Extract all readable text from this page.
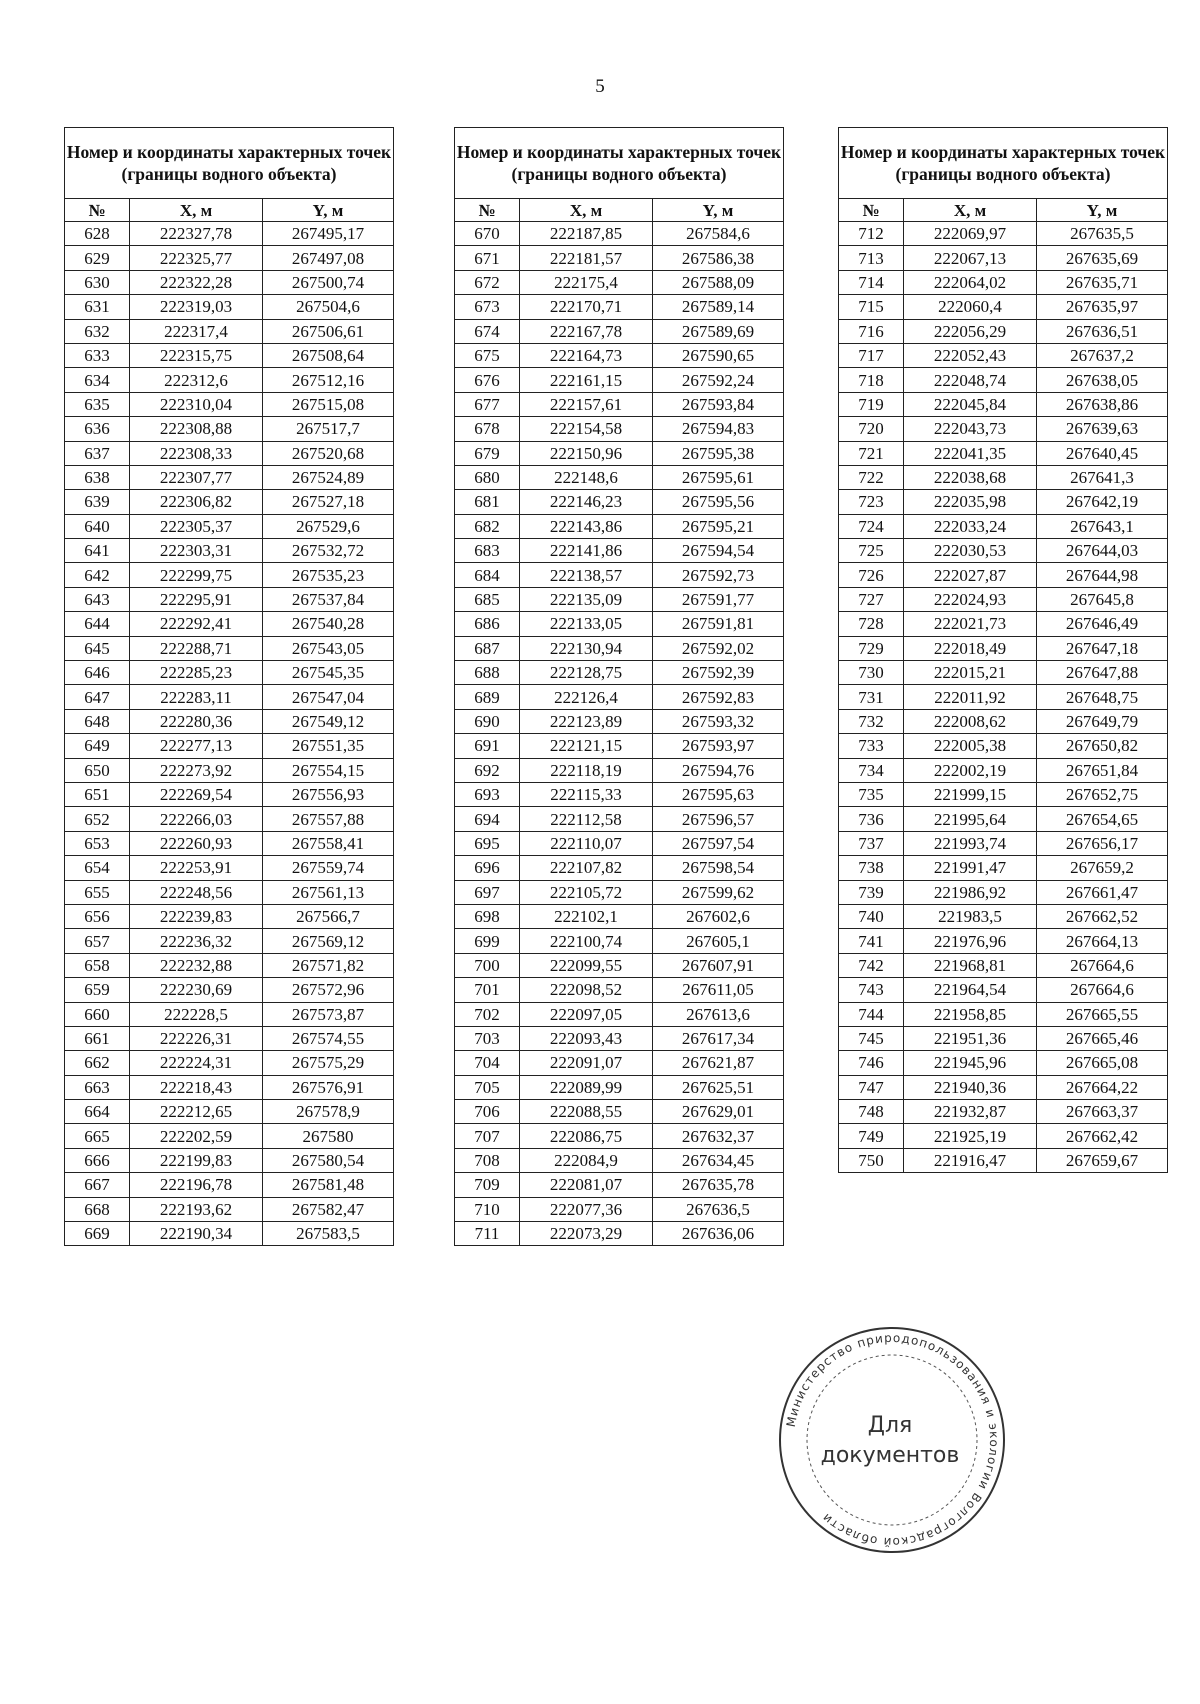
5
Номер и координаты характерных точек (границы водного объекта)		
№	X, м	Y, м
628	222327,78	267495,17
629	222325,77	267497,08
630	222322,28	267500,74
631	222319,03	267504,6
632	222317,4	267506,61
633	222315,75	267508,64
634	222312,6	267512,16
635	222310,04	267515,08
636	222308,88	267517,7
637	222308,33	267520,68
638	222307,77	267524,89
639	222306,82	267527,18
640	222305,37	267529,6
641	222303,31	267532,72
642	222299,75	267535,23
643	222295,91	267537,84
644	222292,41	267540,28
645	222288,71	267543,05
646	222285,23	267545,35
647	222283,11	267547,04
648	222280,36	267549,12
649	222277,13	267551,35
650	222273,92	267554,15
651	222269,54	267556,93
652	222266,03	267557,88
653	222260,93	267558,41
654	222253,91	267559,74
655	222248,56	267561,13
656	222239,83	267566,7
657	222236,32	267569,12
658	222232,88	267571,82
659	222230,69	267572,96
660	222228,5	267573,87
661	222226,31	267574,55
662	222224,31	267575,29
663	222218,43	267576,91
664	222212,65	267578,9
665	222202,59	267580
666	222199,83	267580,54
667	222196,78	267581,48
668	222193,62	267582,47
669	222190,34	267583,5
Номер и координаты характерных точек (границы водного объекта)		
№	X, м	Y, м
670	222187,85	267584,6
671	222181,57	267586,38
672	222175,4	267588,09
673	222170,71	267589,14
674	222167,78	267589,69
675	222164,73	267590,65
676	222161,15	267592,24
677	222157,61	267593,84
678	222154,58	267594,83
679	222150,96	267595,38
680	222148,6	267595,61
681	222146,23	267595,56
682	222143,86	267595,21
683	222141,86	267594,54
684	222138,57	267592,73
685	222135,09	267591,77
686	222133,05	267591,81
687	222130,94	267592,02
688	222128,75	267592,39
689	222126,4	267592,83
690	222123,89	267593,32
691	222121,15	267593,97
692	222118,19	267594,76
693	222115,33	267595,63
694	222112,58	267596,57
695	222110,07	267597,54
696	222107,82	267598,54
697	222105,72	267599,62
698	222102,1	267602,6
699	222100,74	267605,1
700	222099,55	267607,91
701	222098,52	267611,05
702	222097,05	267613,6
703	222093,43	267617,34
704	222091,07	267621,87
705	222089,99	267625,51
706	222088,55	267629,01
707	222086,75	267632,37
708	222084,9	267634,45
709	222081,07	267635,78
710	222077,36	267636,5
711	222073,29	267636,06
Номер и координаты характерных точек (границы водного объекта)		
№	X, м	Y, м
712	222069,97	267635,5
713	222067,13	267635,69
714	222064,02	267635,71
715	222060,4	267635,97
716	222056,29	267636,51
717	222052,43	267637,2
718	222048,74	267638,05
719	222045,84	267638,86
720	222043,73	267639,63
721	222041,35	267640,45
722	222038,68	267641,3
723	222035,98	267642,19
724	222033,24	267643,1
725	222030,53	267644,03
726	222027,87	267644,98
727	222024,93	267645,8
728	222021,73	267646,49
729	222018,49	267647,18
730	222015,21	267647,88
731	222011,92	267648,75
732	222008,62	267649,79
733	222005,38	267650,82
734	222002,19	267651,84
735	221999,15	267652,75
736	221995,64	267654,65
737	221993,74	267656,17
738	221991,47	267659,2
739	221986,92	267661,47
740	221983,5	267662,52
741	221976,96	267664,13
742	221968,81	267664,6
743	221964,54	267664,6
744	221958,85	267665,55
745	221951,36	267665,46
746	221945,96	267665,08
747	221940,36	267664,22
748	221932,87	267663,37
749	221925,19	267662,42
750	221916,47	267659,67
Министерство природопользования и экологии Волгоградской области
Для
документов
